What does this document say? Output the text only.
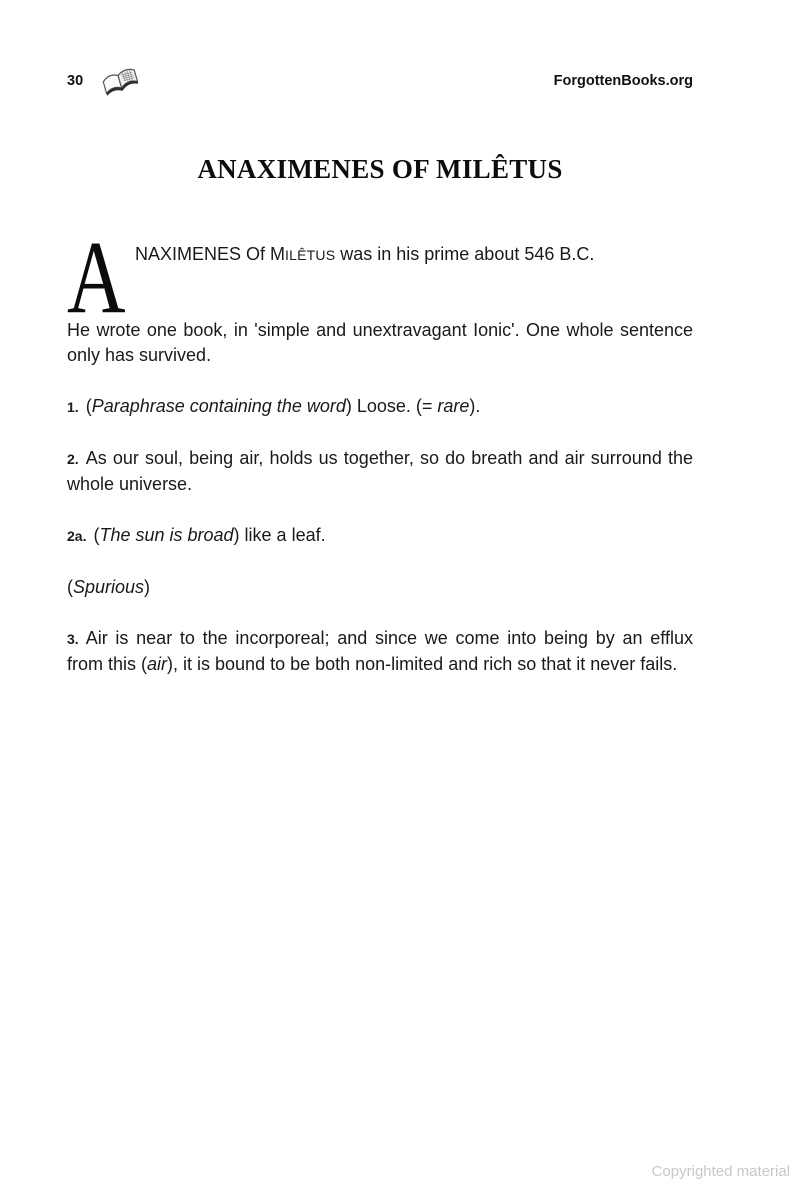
30	ForgottenBooks.org
ANAXIMENES OF MILÊTUS
A NAXIMENES Of MILÊTUS was in his prime about 546 B.C.

He wrote one book, in 'simple and unextravagant Ionic'. One whole sentence only has survived.

1. (Paraphrase containing the word) Loose. (= rare).

2. As our soul, being air, holds us together, so do breath and air surround the whole universe.

2a. (The sun is broad) like a leaf.

(Spurious)

3. Air is near to the incorporeal; and since we come into being by an efflux from this (air), it is bound to be both non-limited and rich so that it never fails.

Copyrighted material
